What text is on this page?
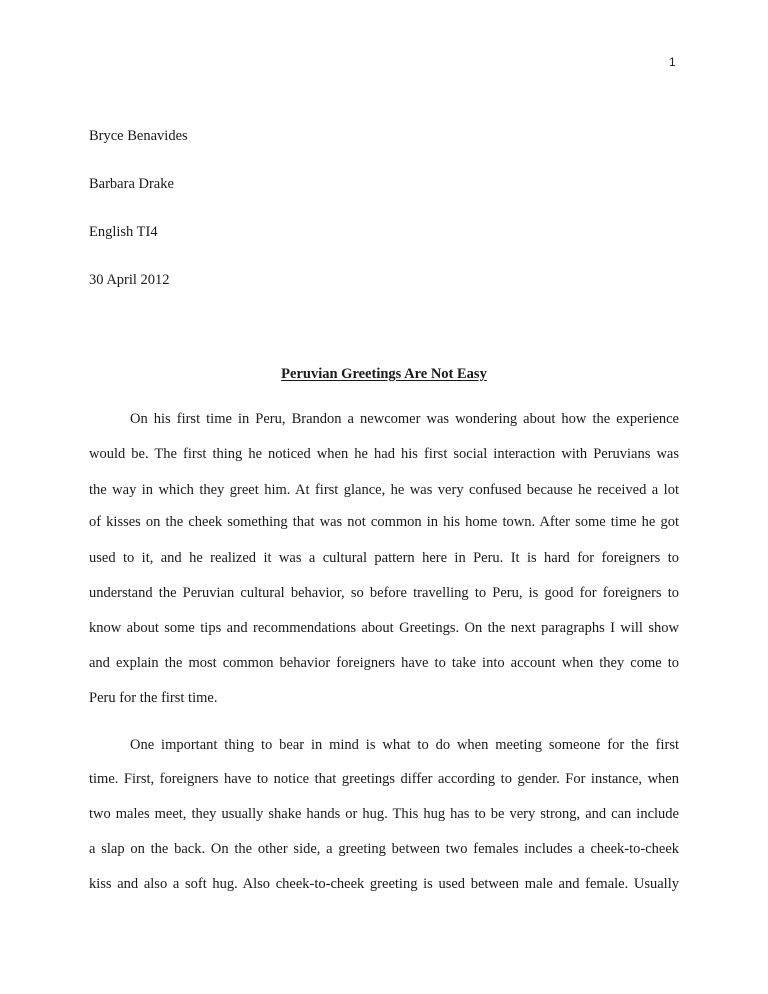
1
Bryce Benavides
Barbara Drake
English TI4
30 April 2012
Peruvian Greetings Are Not Easy
On his first time in Peru, Brandon a newcomer was wondering about how the experience
would be. The first thing he noticed when he had his first social interaction with Peruvians was
the way in which they greet him. At first glance, he was very confused because he received a lot
of kisses on the cheek something that was not common in his home town. After some time he got
used to it, and he realized it was a cultural pattern here in Peru. It is hard for foreigners to
understand the Peruvian cultural behavior, so before travelling to Peru, is good for foreigners to
know about some tips and recommendations about Greetings. On the next paragraphs I will show
and explain the most common behavior foreigners have to take into account when they come to
Peru for the first time.
One important thing to bear in mind is what to do when meeting someone for the first
time. First, foreigners have to notice that greetings differ according to gender. For instance, when
two males meet, they usually shake hands or hug. This hug has to be very strong, and can include
a slap on the back. On the other side, a greeting between two females includes a cheek-to-cheek
kiss and also a soft hug. Also cheek-to-cheek greeting is used between male and female. Usually
